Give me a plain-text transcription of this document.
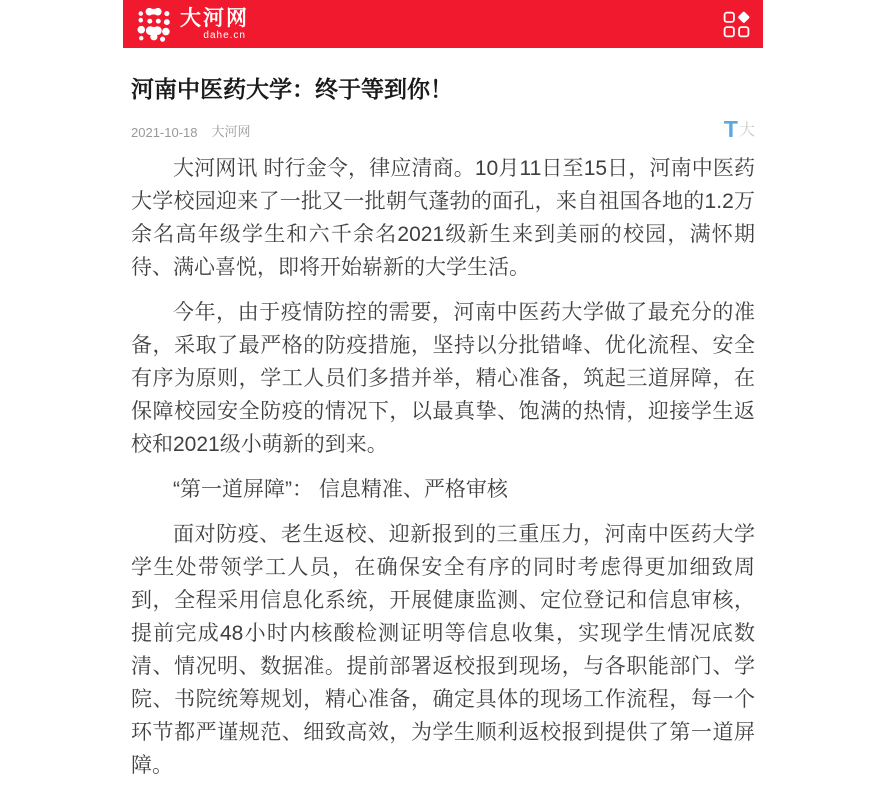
大河网
dahe.cn
河南中医药大学：终于等到你！
2021-10-18 大河网	T 大

大河网讯 时行金令，律应清商。10月11日至15日，河南中医药大学校园迎来了一批又一批朝气蓬勃的面孔，来自祖国各地的1.2万余名高年级学生和六千余名2021级新生来到美丽的校园，满怀期待、满心喜悦，即将开始崭新的大学生活。

今年，由于疫情防控的需要，河南中医药大学做了最充分的准备，采取了最严格的防疫措施，坚持以分批错峰、优化流程、安全有序为原则，学工人员们多措并举，精心准备，筑起三道屏障，在保障校园安全防疫的情况下，以最真挚、饱满的热情，迎接学生返校和2021级小萌新的到来。

“第一道屏障”： 信息精准、严格审核

面对防疫、老生返校、迎新报到的三重压力，河南中医药大学学生处带领学工人员，在确保安全有序的同时考虑得更加细致周到，全程采用信息化系统，开展健康监测、定位登记和信息审核，提前完成48小时内核酸检测证明等信息收集，实现学生情况底数清、情况明、数据准。提前部署返校报到现场，与各职能部门、学院、书院统筹规划，精心准备，确定具体的现场工作流程，每一个环节都严谨规范、细致高效，为学生顺利返校报到提供了第一道屏障。
